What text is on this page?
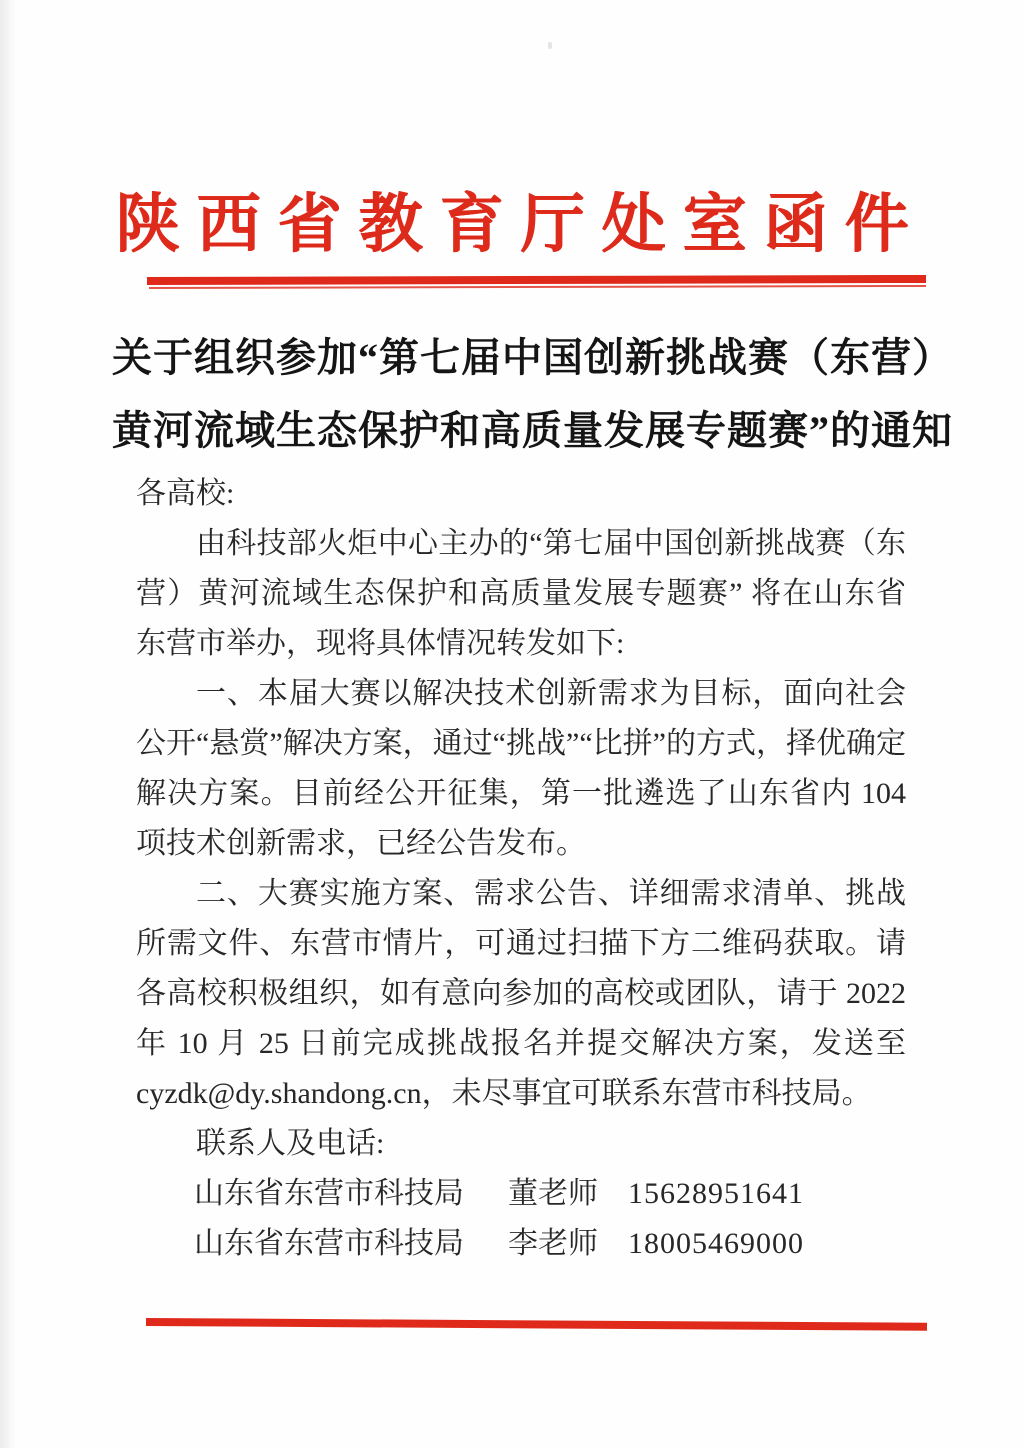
陕西省教育厅处室函件
关于组织参加“第七届中国创新挑战赛（东营）
黄河流域生态保护和高质量发展专题赛”的通知

各高校:

由科技部火炬中心主办的“第七届中国创新挑战赛（东营）黄河流域生态保护和高质量发展专题赛” 将在山东省东营市举办，现将具体情况转发如下:

一、本届大赛以解决技术创新需求为目标，面向社会公开“悬赏”解决方案，通过“挑战”“比拼”的方式，择优确定解决方案。目前经公开征集，第一批遴选了山东省内 104 项技术创新需求，已经公告发布。

二、大赛实施方案、需求公告、详细需求清单、挑战所需文件、东营市情片，可通过扫描下方二维码获取。请各高校积极组织，如有意向参加的高校或团队，请于 2022 年 10 月 25 日前完成挑战报名并提交解决方案，发送至 cyzdk@dy.shandong.cn，未尽事宜可联系东营市科技局。

联系人及电话:

山东省东营市科技局 董老师 15628951641
山东省东营市科技局 李老师 18005469000
